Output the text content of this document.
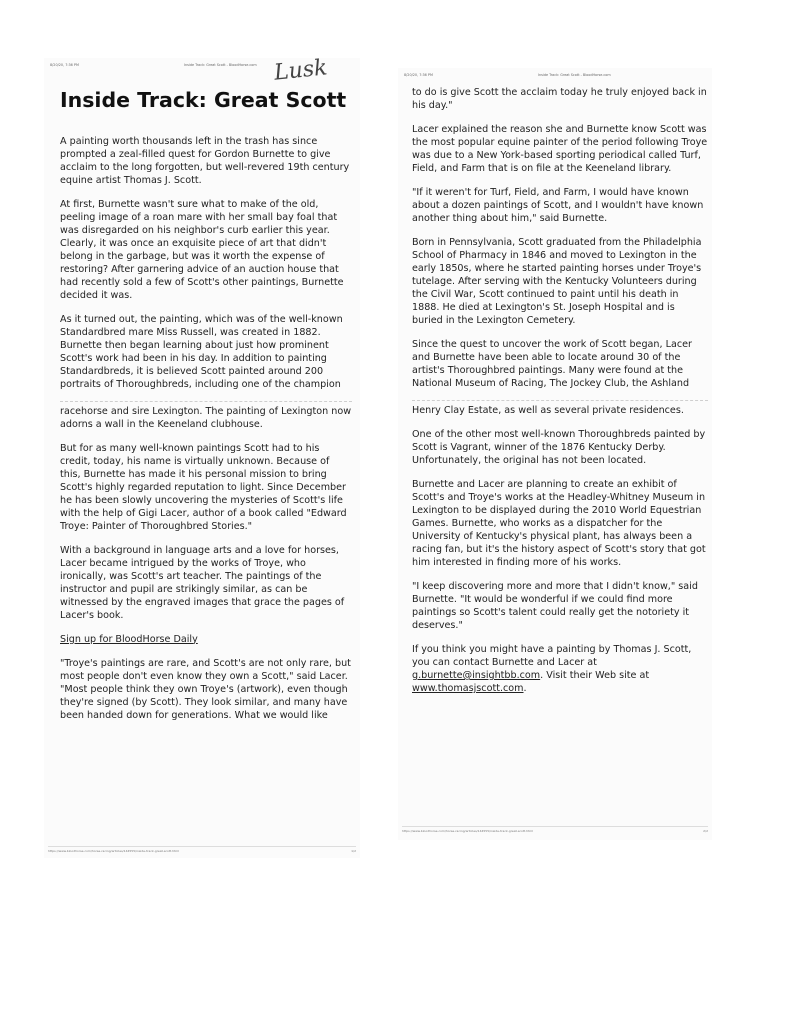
8/20/20, 7:36 PM	Inside Track: Great Scott - BloodHorse.com Lusk
Inside Track: Great Scott

A painting worth thousands left in the trash has since prompted a zeal-filled quest for Gordon Burnette to give acclaim to the long forgotten, but well-revered 19th century equine artist Thomas J. Scott.

At first, Burnette wasn't sure what to make of the old, peeling image of a roan mare with her small bay foal that was disregarded on his neighbor's curb earlier this year. Clearly, it was once an exquisite piece of art that didn't belong in the garbage, but was it worth the expense of restoring? After garnering advice of an auction house that had recently sold a few of Scott's other paintings, Burnette decided it was.

As it turned out, the painting, which was of the well-known Standardbred mare Miss Russell, was created in 1882. Burnette then began learning about just how prominent Scott's work had been in his day. In addition to painting Standardbreds, it is believed Scott painted around 200 portraits of Thoroughbreds, including one of the champion

racehorse and sire Lexington. The painting of Lexington now adorns a wall in the Keeneland clubhouse.

But for as many well-known paintings Scott had to his credit, today, his name is virtually unknown. Because of this, Burnette has made it his personal mission to bring Scott's highly regarded reputation to light. Since December he has been slowly uncovering the mysteries of Scott's life with the help of Gigi Lacer, author of a book called "Edward Troye: Painter of Thoroughbred Stories."

With a background in language arts and a love for horses, Lacer became intrigued by the works of Troye, who ironically, was Scott's art teacher. The paintings of the instructor and pupil are strikingly similar, as can be witnessed by the engraved images that grace the pages of Lacer's book.

Sign up for BloodHorse Daily

"Troye's paintings are rare, and Scott's are not only rare, but most people don't even know they own a Scott," said Lacer. "Most people think they own Troye's (artwork), even though they're signed (by Scott). They look similar, and many have been handed down for generations. What we would like

https://www.bloodhorse.com/horse-racing/articles/144555/inside-track-great-scott.html	1/2
8/20/20, 7:36 PM	Inside Track: Great Scott - BloodHorse.com

to do is give Scott the acclaim today he truly enjoyed back in his day."

Lacer explained the reason she and Burnette know Scott was the most popular equine painter of the period following Troye was due to a New York-based sporting periodical called Turf, Field, and Farm that is on file at the Keeneland library.

"If it weren't for Turf, Field, and Farm, I would have known about a dozen paintings of Scott, and I wouldn't have known another thing about him," said Burnette.

Born in Pennsylvania, Scott graduated from the Philadelphia School of Pharmacy in 1846 and moved to Lexington in the early 1850s, where he started painting horses under Troye's tutelage. After serving with the Kentucky Volunteers during the Civil War, Scott continued to paint until his death in 1888. He died at Lexington's St. Joseph Hospital and is buried in the Lexington Cemetery.

Since the quest to uncover the work of Scott began, Lacer and Burnette have been able to locate around 30 of the artist's Thoroughbred paintings. Many were found at the National Museum of Racing, The Jockey Club, the Ashland

Henry Clay Estate, as well as several private residences.

One of the other most well-known Thoroughbreds painted by Scott is Vagrant, winner of the 1876 Kentucky Derby. Unfortunately, the original has not been located.

Burnette and Lacer are planning to create an exhibit of Scott's and Troye's works at the Headley-Whitney Museum in Lexington to be displayed during the 2010 World Equestrian Games. Burnette, who works as a dispatcher for the University of Kentucky's physical plant, has always been a racing fan, but it's the history aspect of Scott's story that got him interested in finding more of his works.

"I keep discovering more and more that I didn't know," said Burnette. "It would be wonderful if we could find more paintings so Scott's talent could really get the notoriety it deserves."

If you think you might have a painting by Thomas J. Scott, you can contact Burnette and Lacer at g.burnette@insightbb.com. Visit their Web site at www.thomasjscott.com.

https://www.bloodhorse.com/horse-racing/articles/144555/inside-track-great-scott.html	2/2
